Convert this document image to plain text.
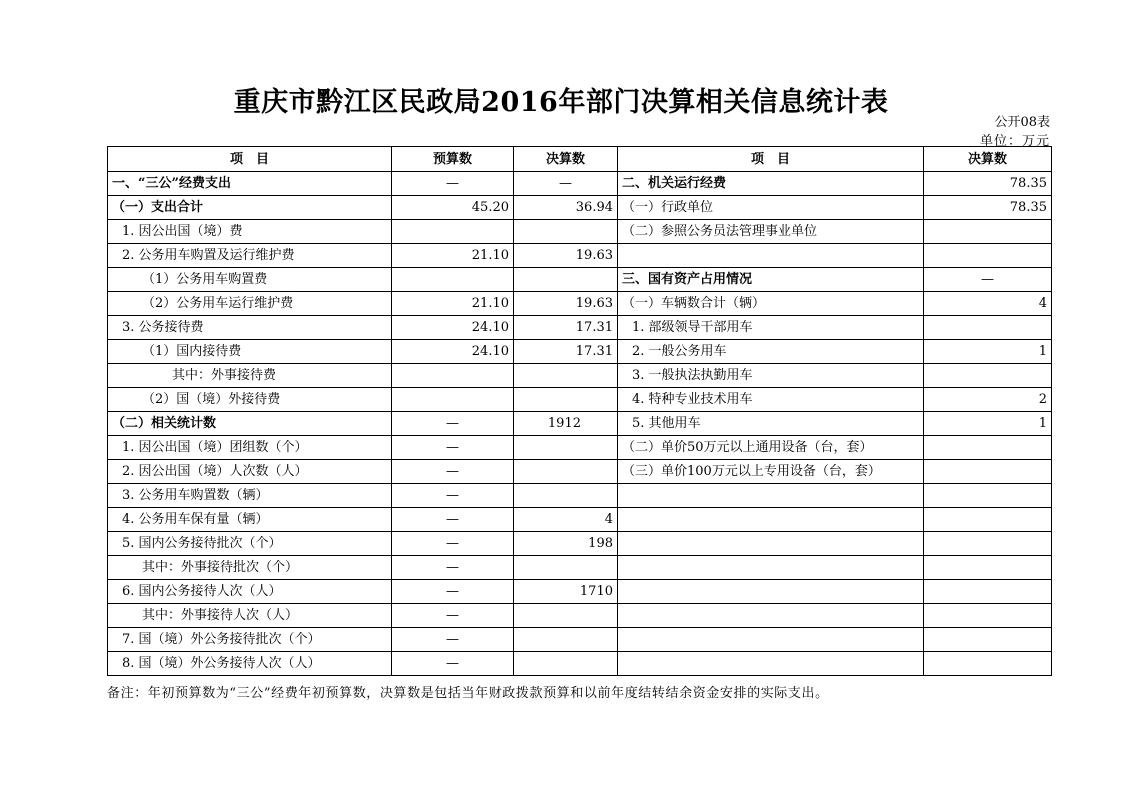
重庆市黔江区民政局2016年部门决算相关信息统计表
公开08表
单位：万元
项　目	预算数	决算数	项　目	决算数
一、“三公”经费支出	—	—	二、机关运行经费	78.35
（一）支出合计	45.20	36.94	（一）行政单位	78.35
1. 因公出国（境）费			（二）参照公务员法管理事业单位	
2. 公务用车购置及运行维护费	21.10	19.63		
（1）公务用车购置费			三、国有资产占用情况	—
（2）公务用车运行维护费	21.10	19.63	（一）车辆数合计（辆）	4
3. 公务接待费	24.10	17.31	1. 部级领导干部用车	
（1）国内接待费	24.10	17.31	2. 一般公务用车	1
其中：外事接待费			3. 一般执法执勤用车	
（2）国（境）外接待费			4. 特种专业技术用车	2
（二）相关统计数	—	1912	5. 其他用车	1
1. 因公出国（境）团组数（个）	—		（二）单价50万元以上通用设备（台，套）	
2. 因公出国（境）人次数（人）	—		（三）单价100万元以上专用设备（台，套）	
3. 公务用车购置数（辆）	—			
4. 公务用车保有量（辆）	—	4		
5. 国内公务接待批次（个）	—	198		
其中：外事接待批次（个）	—			
6. 国内公务接待人次（人）	—	1710		
其中：外事接待人次（人）	—			
7. 国（境）外公务接待批次（个）	—			
8. 国（境）外公务接待人次（人）	—			
备注：年初预算数为“三公”经费年初预算数，决算数是包括当年财政拨款预算和以前年度结转结余资金安排的实际支出。
